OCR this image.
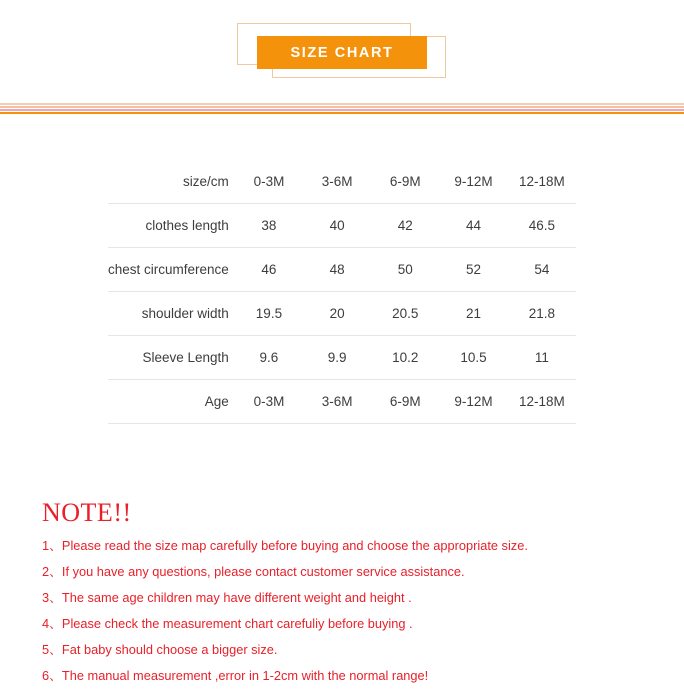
SIZE CHART
size/cm	0-3M	3-6M	6-9M	9-12M	12-18M
clothes length	38	40	42	44	46.5
chest circumference	46	48	50	52	54
shoulder width	19.5	20	20.5	21	21.8
Sleeve Length	9.6	9.9	10.2	10.5	11
Age	0-3M	3-6M	6-9M	9-12M	12-18M
NOTE!!
1、Please read the size map carefully before buying and choose the appropriate size.
2、If you have any questions, please contact customer service assistance.
3、The same age children may have different weight and height .
4、Please check the measurement chart carefuliy before buying .
5、Fat baby should choose a bigger size.
6、The manual measurement ,error in 1-2cm with the normal range!
